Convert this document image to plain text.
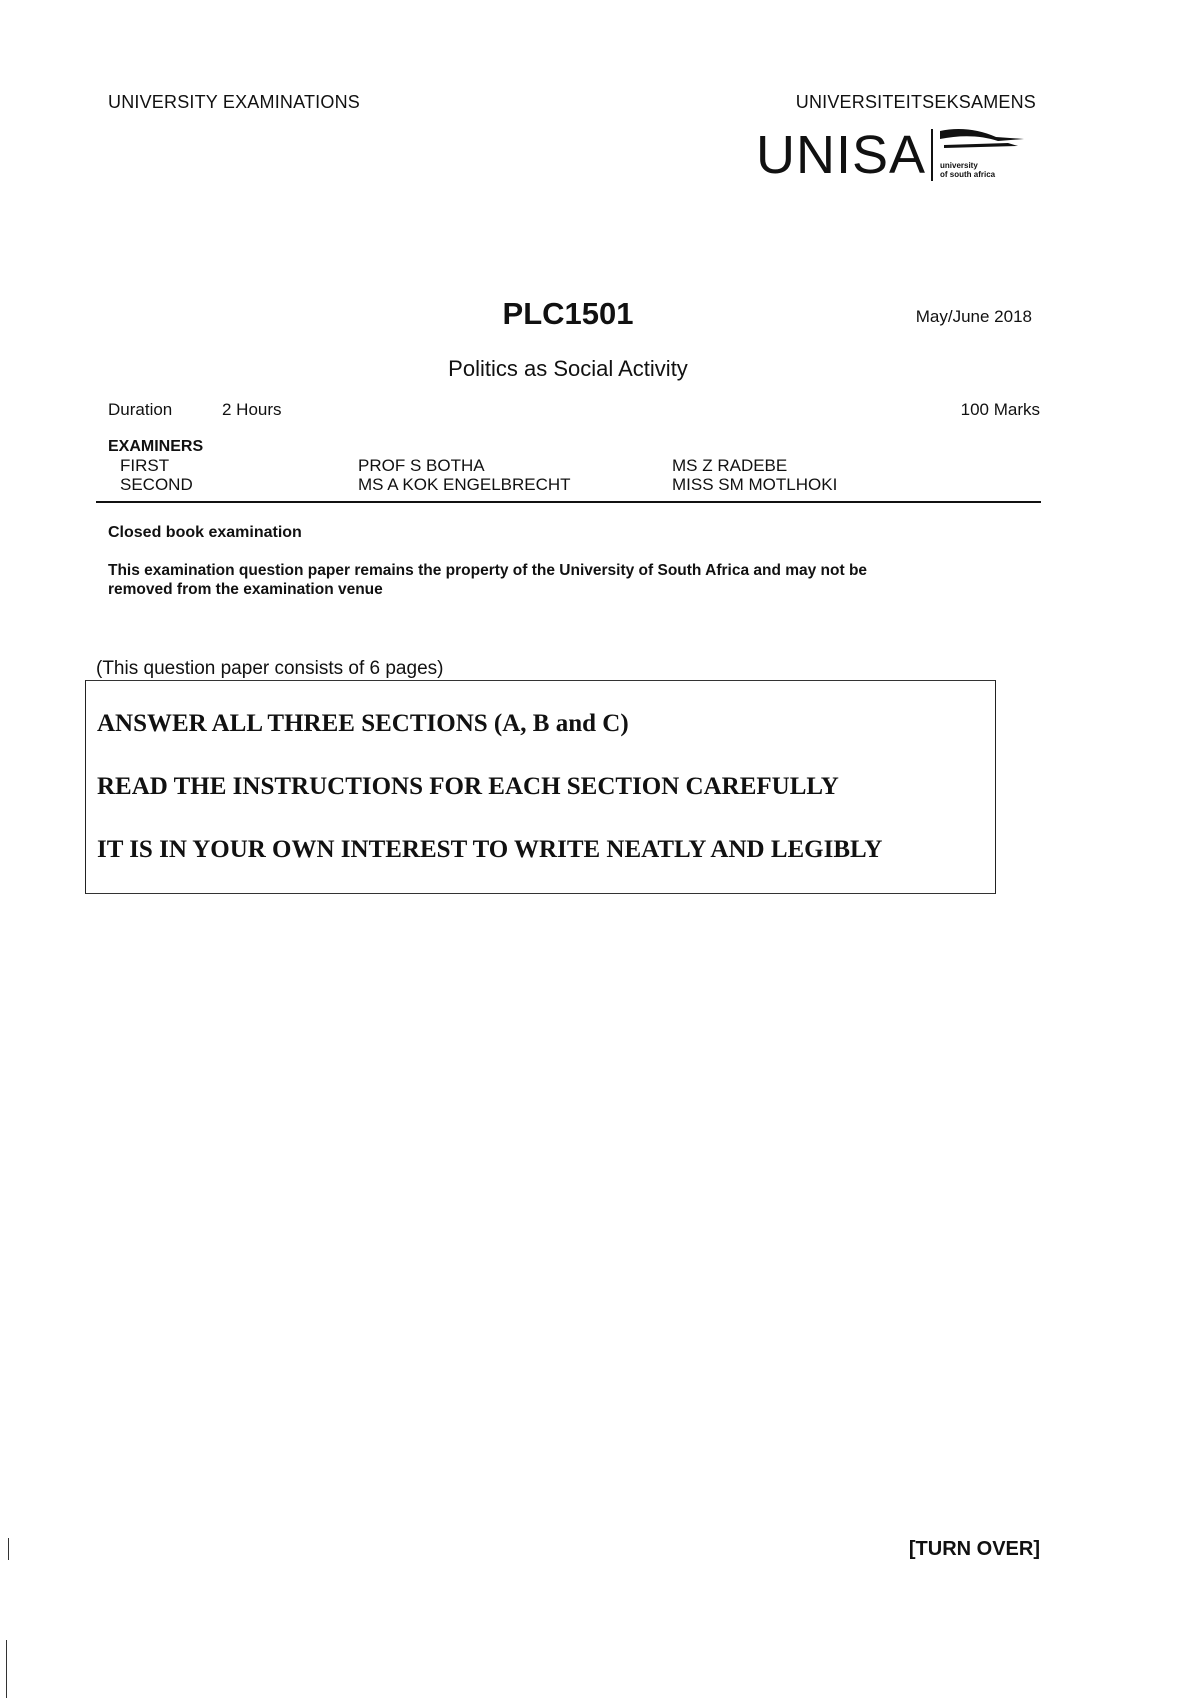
UNIVERSITY EXAMINATIONS	UNIVERSITEITSEKSAMENS
UNISA university
of south africa
PLC1501	May/June 2018
Politics as Social Activity
Duration	2 Hours	100 Marks
EXAMINERS
FIRST	PROF S BOTHA	MS Z RADEBE
SECOND	MS A KOK ENGELBRECHT	MISS SM MOTLHOKI
Closed book examination
This examination question paper remains the property of the University of South Africa and may not be
removed from the examination venue
(This question paper consists of 6 pages)
ANSWER ALL THREE SECTIONS (A, B and C)
READ THE INSTRUCTIONS FOR EACH SECTION CAREFULLY
IT IS IN YOUR OWN INTEREST TO WRITE NEATLY AND LEGIBLY
[TURN OVER]
